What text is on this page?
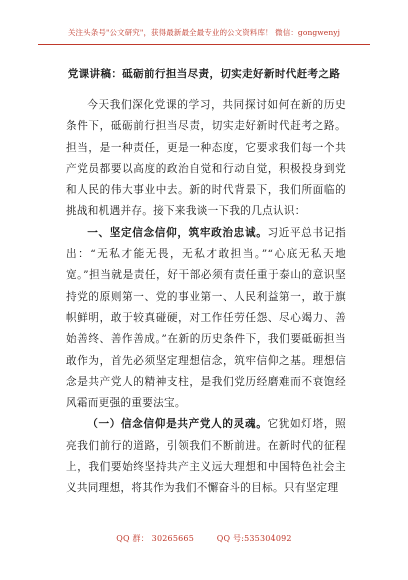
关注头条号"公文研究"，获得最新最全最专业的公文资料库！ 微信：gongwenyj
党课讲稿：砥砺前行担当尽责，切实走好新时代赶考之路

今天我们深化党课的学习，共同探讨如何在新的历史条件下，砥砺前行担当尽责，切实走好新时代赶考之路。担当，是一种责任，更是一种态度，它要求我们每一个共产党员都要以高度的政治自觉和行动自觉，积极投身到党和人民的伟大事业中去。新的时代背景下，我们所面临的挑战和机遇并存。接下来我谈一下我的几点认识：

一、坚定信念信仰，筑牢政治忠诚。习近平总书记指出：“无私才能无畏，无私才敢担当。”“心底无私天地宽。”担当就是责任，好干部必须有责任重于泰山的意识坚持党的原则第一、党的事业第一、人民利益第一，敢于旗帜鲜明，敢于较真碰硬，对工作任劳任怨、尽心竭力、善始善终、善作善成。”在新的历史条件下，我们要砥砺担当敢作为，首先必须坚定理想信念，筑牢信仰之基。理想信念是共产党人的精神支柱，是我们党历经磨难而不衰饱经风霜而更强的重要法宝。

（一）信念信仰是共产党人的灵魂。它犹如灯塔，照亮我们前行的道路，引领我们不断前进。在新时代的征程上，我们要始终坚持共产主义远大理想和中国特色社会主义共同理想，将其作为我们不懈奋斗的目标。只有坚定理

QQ 群： 30265665	QQ 号:535304092
